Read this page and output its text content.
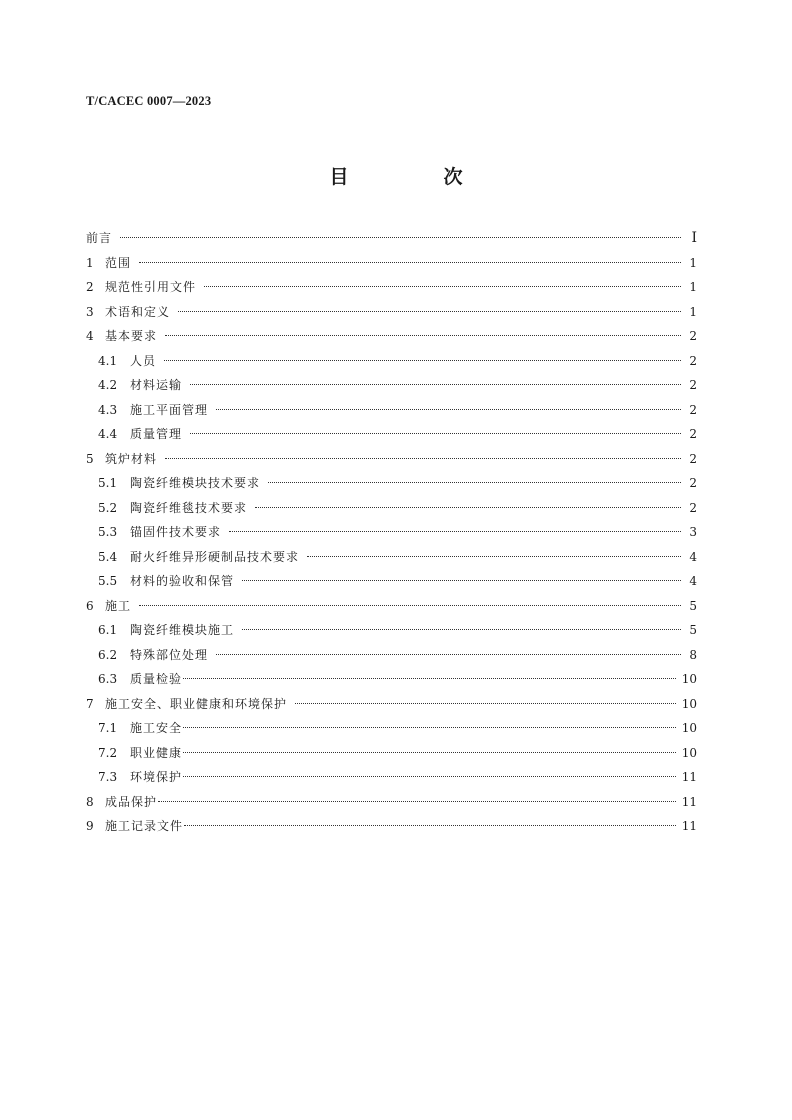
T/CACEC 0007—2023
目　次
前言	Ⅰ
1 范围	1
2 规范性引用文件	1
3 术语和定义	1
4 基本要求	2
4.1	人员	2
4.2	材料运输	2
4.3	施工平面管理	2
4.4	质量管理	2
5 筑炉材料	2
5.1	陶瓷纤维模块技术要求	2
5.2	陶瓷纤维毯技术要求	2
5.3	锚固件技术要求	3
5.4	耐火纤维异形硬制品技术要求	4
5.5	材料的验收和保管	4
6 施工	5
6.1	陶瓷纤维模块施工	5
6.2	特殊部位处理	8
6.3	质量检验	10
7 施工安全、职业健康和环境保护	10
7.1	施工安全	10
7.2	职业健康	10
7.3	环境保护	11
8 成品保护	11
9 施工记录文件	11
